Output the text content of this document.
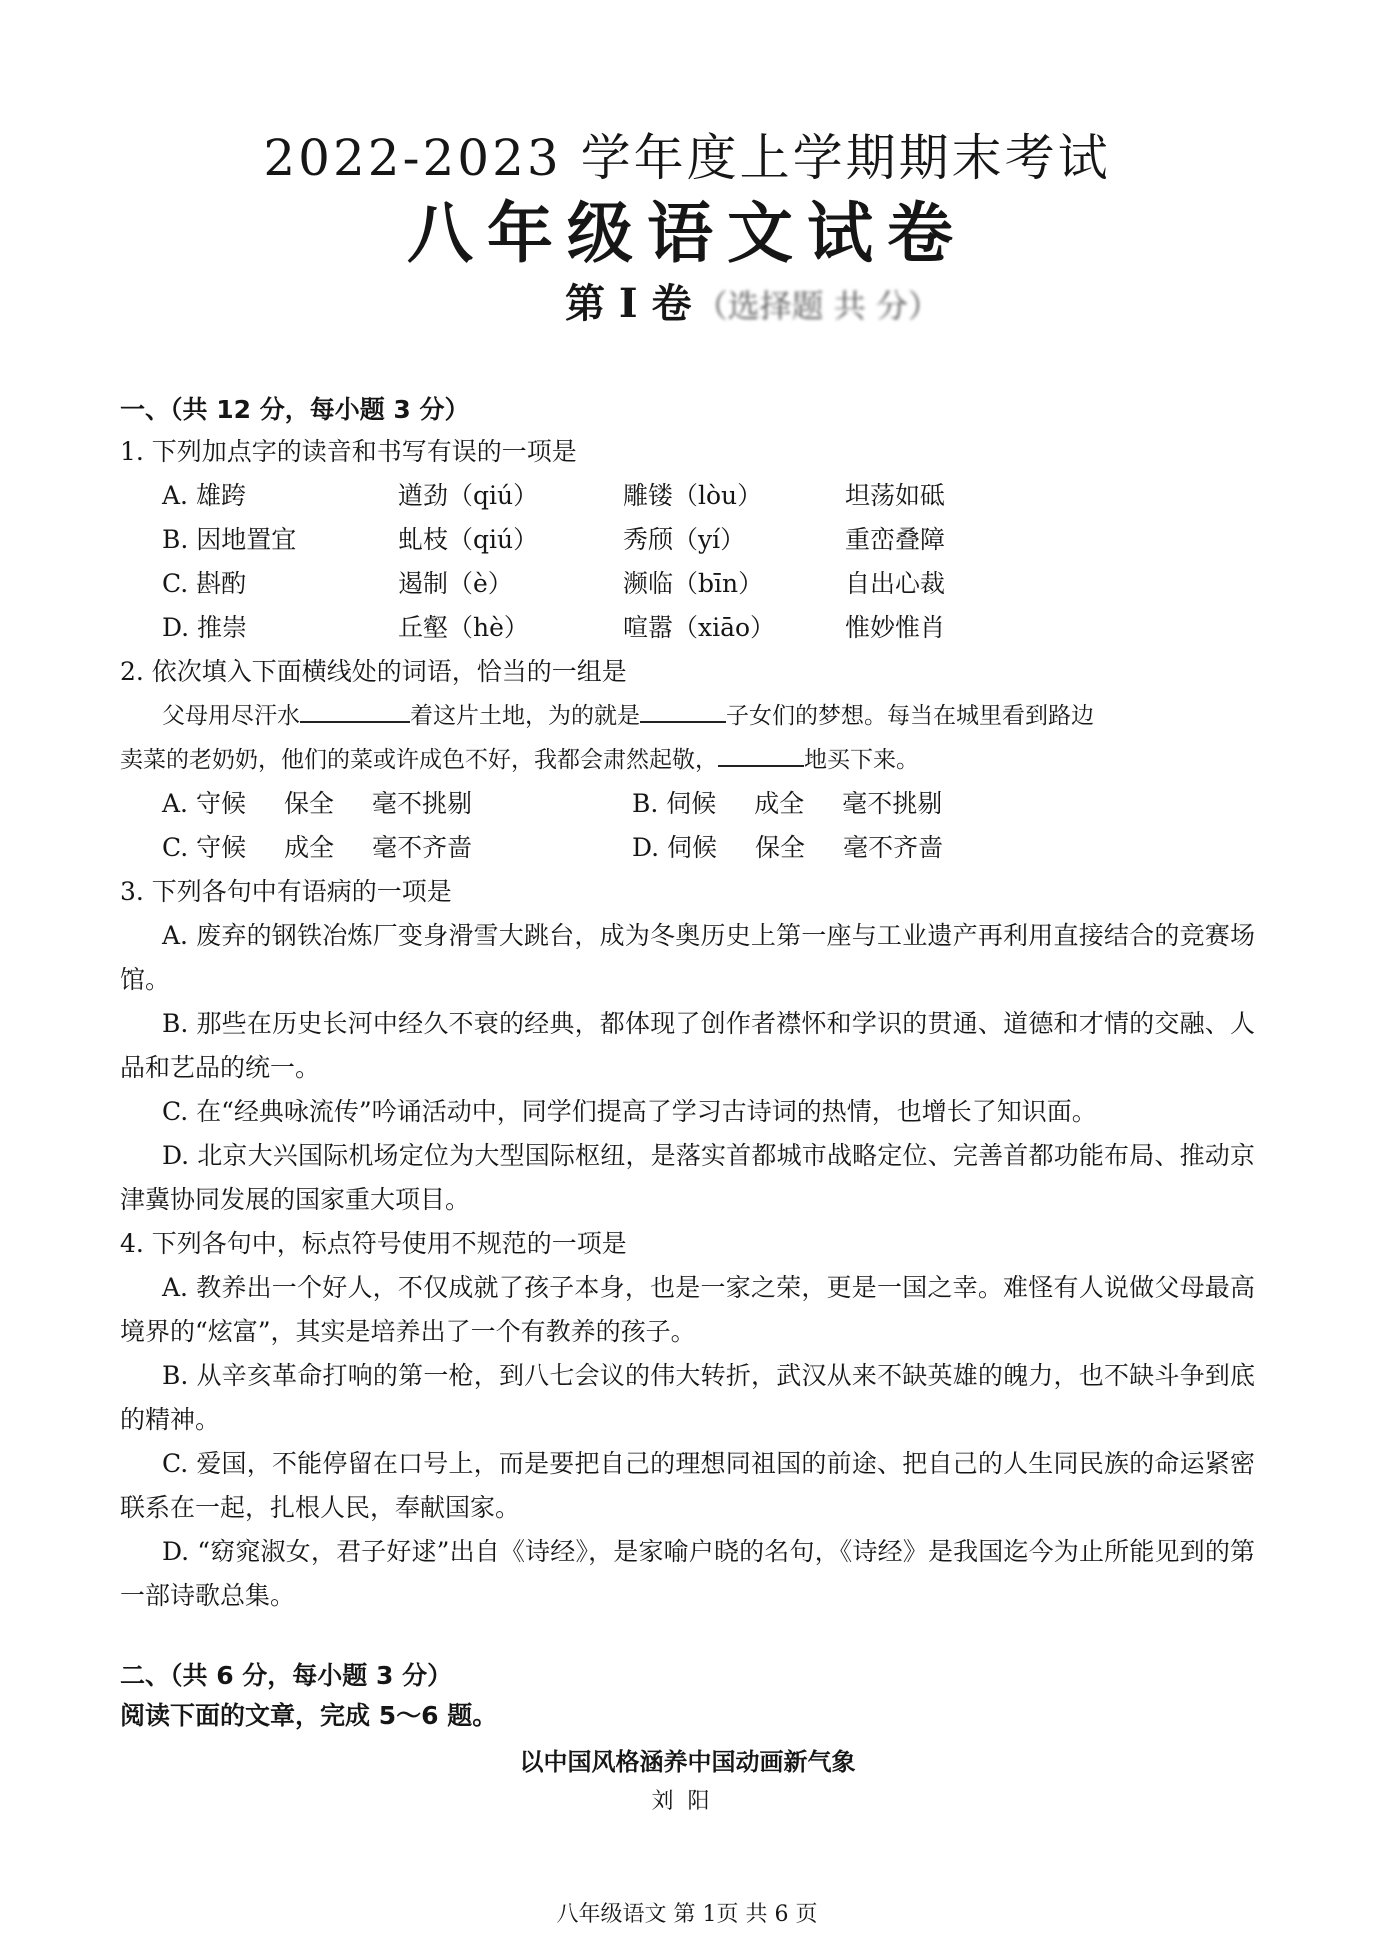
2022-2023 学年度上学期期末考试
八年级语文试卷
第 I 卷 （选择题 共 分）

一、（共 12 分，每小题 3 分）

1. 下列加点字的读音和书写有误的一项是

A. 雄跨	遒劲（qiú）	雕镂（lòu）	坦荡如砥
B. 因地置宜	虬枝（qiú）	秀颀（yí）	重峦叠障
C. 斟酌	遏制（è）	濒临（bīn）	自出心裁
D. 推崇	丘壑（hè）	喧嚣（xiāo）	惟妙惟肖

2. 依次填入下面横线处的词语，恰当的一组是

父母用尽汗水	着这片土地，为的就是	子女们的梦想。每当在城里看到路边

卖菜的老奶奶，他们的菜或许成色不好，我都会肃然起敬，	地买下来。

A. 守候 保全 毫不挑剔	B. 伺候 成全 毫不挑剔
C. 守候 成全 毫不齐啬	D. 伺候 保全 毫不齐啬

3. 下列各句中有语病的一项是

A. 废弃的钢铁冶炼厂变身滑雪大跳台，成为冬奥历史上第一座与工业遗产再利用直接结合的竞赛场馆。

B. 那些在历史长河中经久不衰的经典，都体现了创作者襟怀和学识的贯通、道德和才情的交融、人品和艺品的统一。

C. 在“经典咏流传”吟诵活动中，同学们提高了学习古诗词的热情，也增长了知识面。

D. 北京大兴国际机场定位为大型国际枢纽，是落实首都城市战略定位、完善首都功能布局、推动京津冀协同发展的国家重大项目。

4. 下列各句中，标点符号使用不规范的一项是

A. 教养出一个好人，不仅成就了孩子本身，也是一家之荣，更是一国之幸。难怪有人说做父母最高境界的“炫富”，其实是培养出了一个有教养的孩子。

B. 从辛亥革命打响的第一枪，到八七会议的伟大转折，武汉从来不缺英雄的魄力，也不缺斗争到底的精神。

C. 爱国，不能停留在口号上，而是要把自己的理想同祖国的前途、把自己的人生同民族的命运紧密联系在一起，扎根人民，奉献国家。

D. “窈窕淑女，君子好逑”出自《诗经》，是家喻户晓的名句，《诗经》是我国迄今为止所能见到的第一部诗歌总集。

二、（共 6 分，每小题 3 分）

阅读下面的文章，完成 5～6 题。

以中国风格涵养中国动画新气象
刘阳
八年级语文 第 1页 共 6 页
